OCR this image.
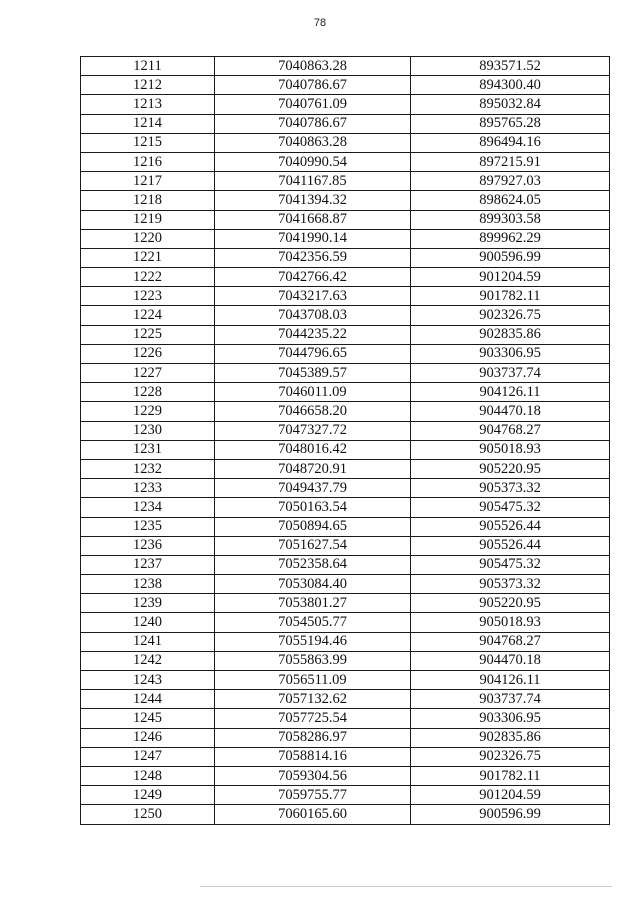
78
1211	7040863.28	893571.52
1212	7040786.67	894300.40
1213	7040761.09	895032.84
1214	7040786.67	895765.28
1215	7040863.28	896494.16
1216	7040990.54	897215.91
1217	7041167.85	897927.03
1218	7041394.32	898624.05
1219	7041668.87	899303.58
1220	7041990.14	899962.29
1221	7042356.59	900596.99
1222	7042766.42	901204.59
1223	7043217.63	901782.11
1224	7043708.03	902326.75
1225	7044235.22	902835.86
1226	7044796.65	903306.95
1227	7045389.57	903737.74
1228	7046011.09	904126.11
1229	7046658.20	904470.18
1230	7047327.72	904768.27
1231	7048016.42	905018.93
1232	7048720.91	905220.95
1233	7049437.79	905373.32
1234	7050163.54	905475.32
1235	7050894.65	905526.44
1236	7051627.54	905526.44
1237	7052358.64	905475.32
1238	7053084.40	905373.32
1239	7053801.27	905220.95
1240	7054505.77	905018.93
1241	7055194.46	904768.27
1242	7055863.99	904470.18
1243	7056511.09	904126.11
1244	7057132.62	903737.74
1245	7057725.54	903306.95
1246	7058286.97	902835.86
1247	7058814.16	902326.75
1248	7059304.56	901782.11
1249	7059755.77	901204.59
1250	7060165.60	900596.99
